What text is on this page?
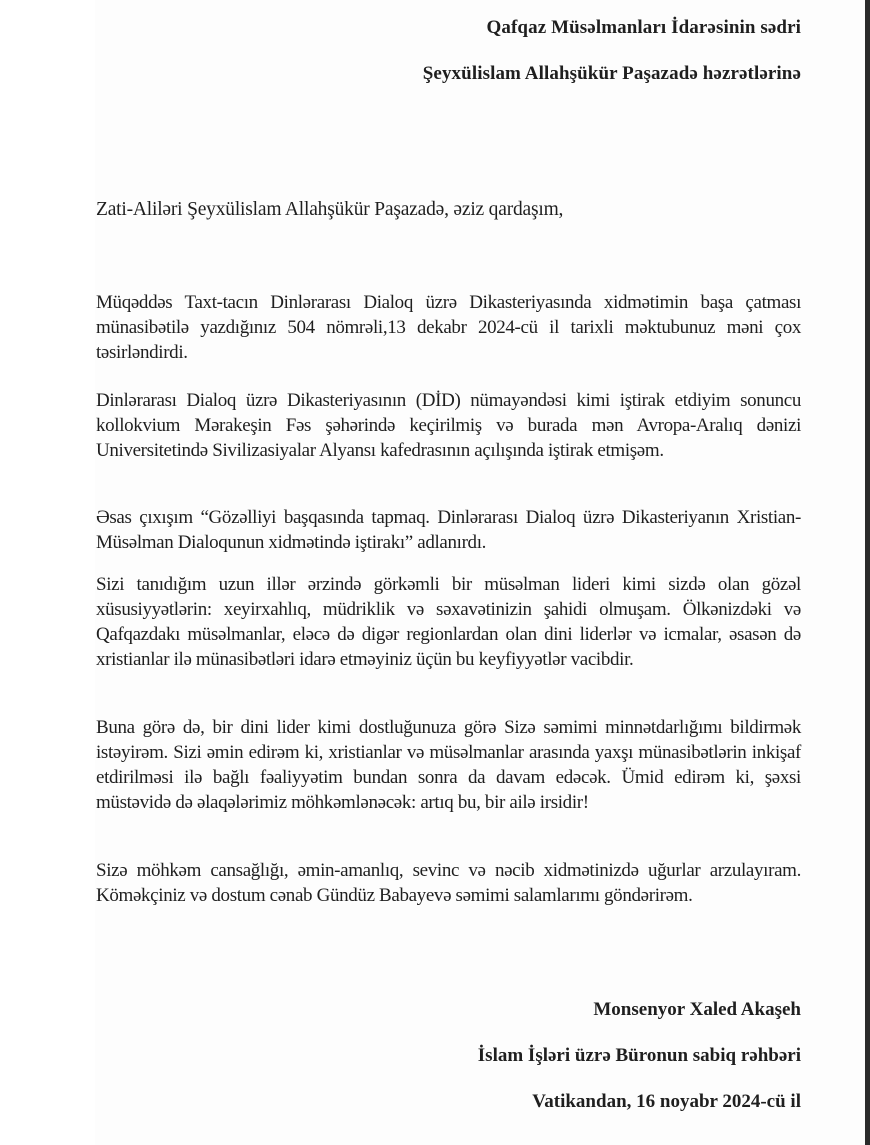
Qafqaz Müsəlmanları İdarəsinin sədri
Şeyxülislam Allahşükür Paşazadə həzrətlərinə
Zati-Aliləri Şeyxülislam Allahşükür Paşazadə, əziz qardaşım,
Müqəddəs Taxt-tacın Dinlərarası Dialoq üzrə Dikasteriyasında xidmətimin başa çatması münasibətilə yazdığınız 504 nömrəli,13 dekabr 2024-cü il tarixli məktubunuz məni çox təsirləndirdi.
Dinlərarası Dialoq üzrə Dikasteriyasının (DİD) nümayəndəsi kimi iştirak etdiyim sonuncu kollokvium Mərakeşin Fəs şəhərində keçirilmiş və burada mən Avropa-Aralıq dənizi Universitetində Sivilizasiyalar Alyansı kafedrasının açılışında iştirak etmişəm.
Əsas çıxışım “Gözəlliyi başqasında tapmaq. Dinlərarası Dialoq üzrə Dikasteriyanın Xristian-Müsəlman Dialoqunun xidmətində iştirakı” adlanırdı.
Sizi tanıdığım uzun illər ərzində görkəmli bir müsəlman lideri kimi sizdə olan gözəl xüsusiyyətlərin: xeyirxahlıq, müdriklik və səxavətinizin şahidi olmuşam. Ölkənizdəki və Qafqazdakı müsəlmanlar, eləcə də digər regionlardan olan dini liderlər və icmalar, əsasən də xristianlar ilə münasibətləri idarə etməyiniz üçün bu keyfiyyətlər vacibdir.
Buna görə də, bir dini lider kimi dostluğunuza görə Sizə səmimi minnətdarlığımı bildirmək istəyirəm. Sizi əmin edirəm ki, xristianlar və müsəlmanlar arasında yaxşı münasibətlərin inkişaf etdirilməsi ilə bağlı fəaliyyətim bundan sonra da davam edəcək. Ümid edirəm ki, şəxsi müstəvidə də əlaqələrimiz möhkəmlənəcək: artıq bu, bir ailə irsidir!
Sizə möhkəm cansağlığı, əmin-amanlıq, sevinc və nəcib xidmətinizdə uğurlar arzulayıram. Köməkçiniz və dostum cənab Gündüz Babayevə səmimi salamlarımı göndərirəm.
Monsenyor Xaled Akaşeh
İslam İşləri üzrə Büronun sabiq rəhbəri
Vatikandan, 16 noyabr 2024-cü il
